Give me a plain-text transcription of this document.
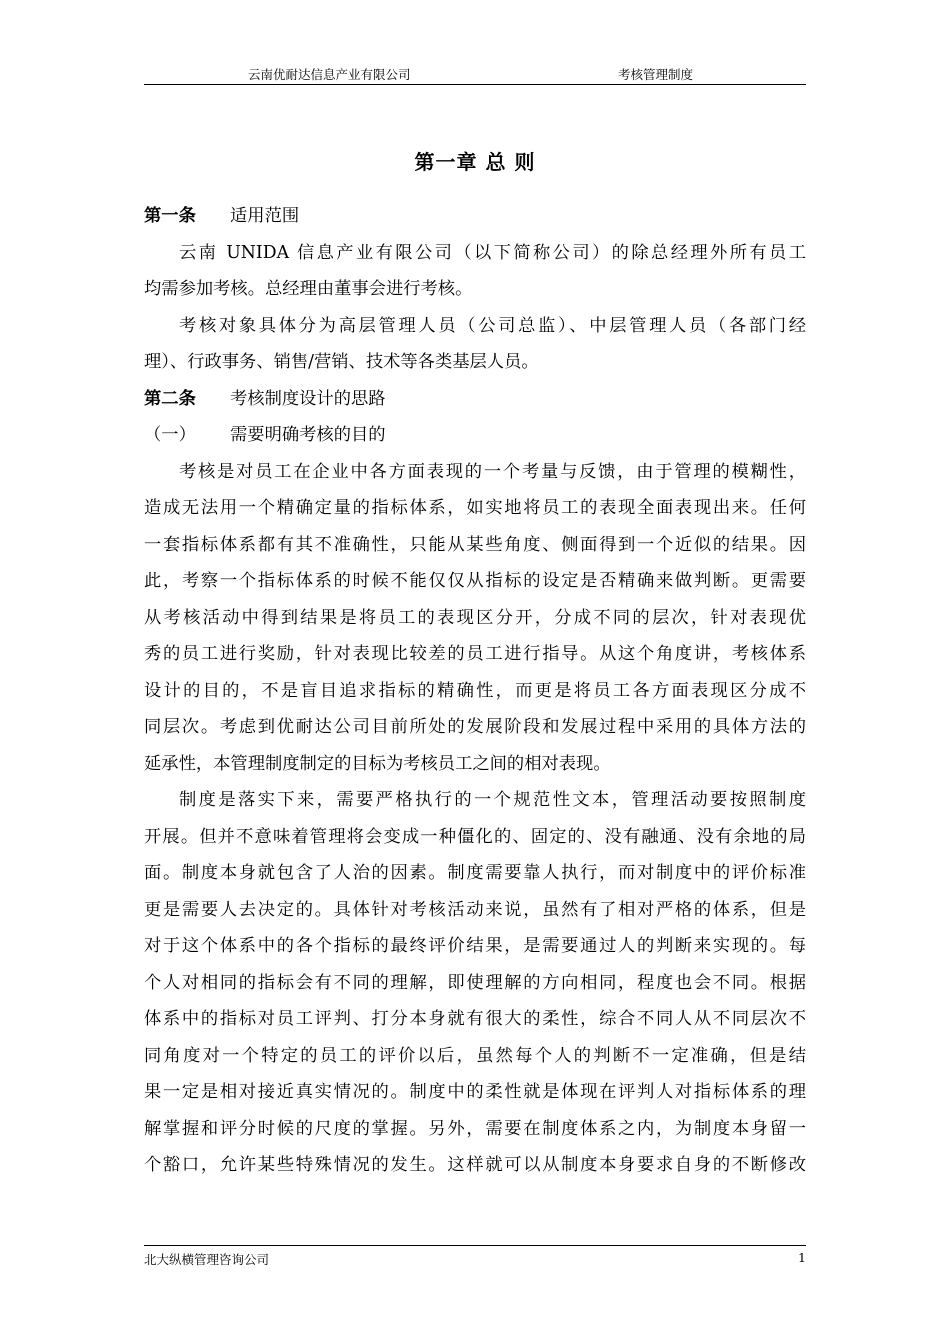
云南优耐达信息产业有限公司	考核管理制度
第一章 总 则
第一条 适用范围
云南 UNIDA 信息产业有限公司（以下简称公司）的除总经理外所有员工
均需参加考核。总经理由董事会进行考核。
考核对象具体分为高层管理人员（公司总监）、中层管理人员（各部门经
理）、行政事务、销售/营销、技术等各类基层人员。
第二条 考核制度设计的思路
（一） 需要明确考核的目的
考核是对员工在企业中各方面表现的一个考量与反馈，由于管理的模糊性，
造成无法用一个精确定量的指标体系，如实地将员工的表现全面表现出来。任何
一套指标体系都有其不准确性，只能从某些角度、侧面得到一个近似的结果。因
此，考察一个指标体系的时候不能仅仅从指标的设定是否精确来做判断。更需要
从考核活动中得到结果是将员工的表现区分开，分成不同的层次，针对表现优
秀的员工进行奖励，针对表现比较差的员工进行指导。从这个角度讲，考核体系
设计的目的，不是盲目追求指标的精确性，而更是将员工各方面表现区分成不
同层次。考虑到优耐达公司目前所处的发展阶段和发展过程中采用的具体方法的
延承性，本管理制度制定的目标为考核员工之间的相对表现。
制度是落实下来，需要严格执行的一个规范性文本，管理活动要按照制度
开展。但并不意味着管理将会变成一种僵化的、固定的、没有融通、没有余地的局
面。制度本身就包含了人治的因素。制度需要靠人执行，而对制度中的评价标准
更是需要人去决定的。具体针对考核活动来说，虽然有了相对严格的体系，但是
对于这个体系中的各个指标的最终评价结果，是需要通过人的判断来实现的。每
个人对相同的指标会有不同的理解，即使理解的方向相同，程度也会不同。根据
体系中的指标对员工评判、打分本身就有很大的柔性，综合不同人从不同层次不
同角度对一个特定的员工的评价以后，虽然每个人的判断不一定准确，但是结
果一定是相对接近真实情况的。制度中的柔性就是体现在评判人对指标体系的理
解掌握和评分时候的尺度的掌握。另外，需要在制度体系之内，为制度本身留一
个豁口，允许某些特殊情况的发生。这样就可以从制度本身要求自身的不断修改
北大纵横管理咨询公司	1
